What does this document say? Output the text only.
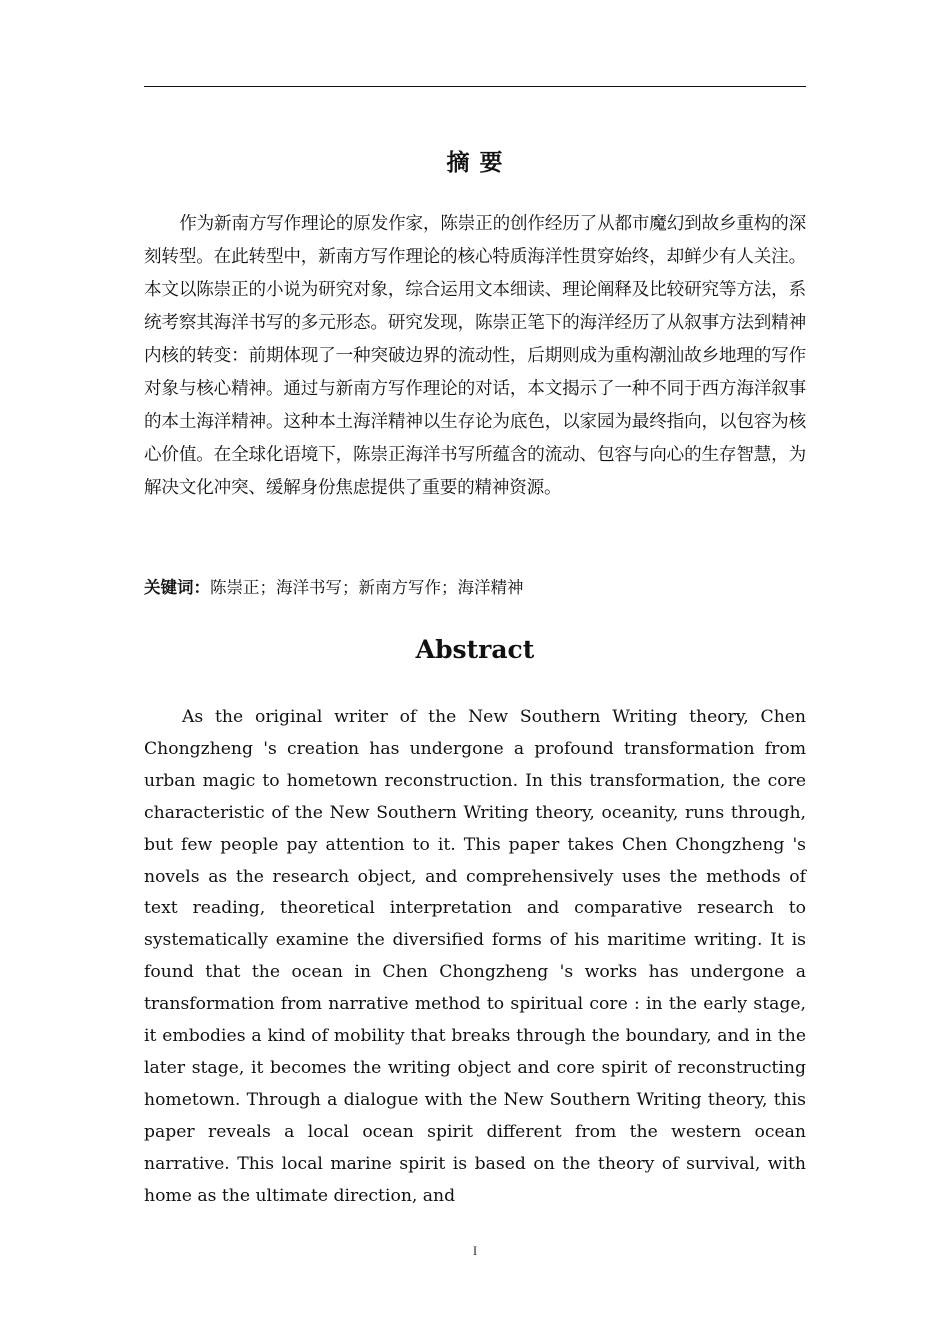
摘 要

作为新南方写作理论的原发作家，陈崇正的创作经历了从都市魔幻到故乡重构的深刻转型。在此转型中，新南方写作理论的核心特质海洋性贯穿始终，却鲜少有人关注。本文以陈崇正的小说为研究对象，综合运用文本细读、理论阐释及比较研究等方法，系统考察其海洋书写的多元形态。研究发现，陈崇正笔下的海洋经历了从叙事方法到精神内核的转变：前期体现了一种突破边界的流动性，后期则成为重构潮汕故乡地理的写作对象与核心精神。通过与新南方写作理论的对话，本文揭示了一种不同于西方海洋叙事的本土海洋精神。这种本土海洋精神以生存论为底色，以家园为最终指向，以包容为核心价值。在全球化语境下，陈崇正海洋书写所蕴含的流动、包容与向心的生存智慧，为解决文化冲突、缓解身份焦虑提供了重要的精神资源。

关键词：陈崇正；海洋书写；新南方写作；海洋精神
Abstract

As the original writer of the New Southern Writing theory, Chen Chongzheng 's creation has undergone a profound transformation from urban magic to hometown reconstruction. In this transformation, the core characteristic of the New Southern Writing theory, oceanity, runs through, but few people pay attention to it. This paper takes Chen Chongzheng 's novels as the research object, and comprehensively uses the methods of text reading, theoretical interpretation and comparative research to systematically examine the diversified forms of his maritime writing. It is found that the ocean in Chen Chongzheng 's works has undergone a transformation from narrative method to spiritual core : in the early stage, it embodies a kind of mobility that breaks through the boundary, and in the later stage, it becomes the writing object and core spirit of reconstructing hometown. Through a dialogue with the New Southern Writing theory, this paper reveals a local ocean spirit different from the western ocean narrative. This local marine spirit is based on the theory of survival, with home as the ultimate direction, and

I
